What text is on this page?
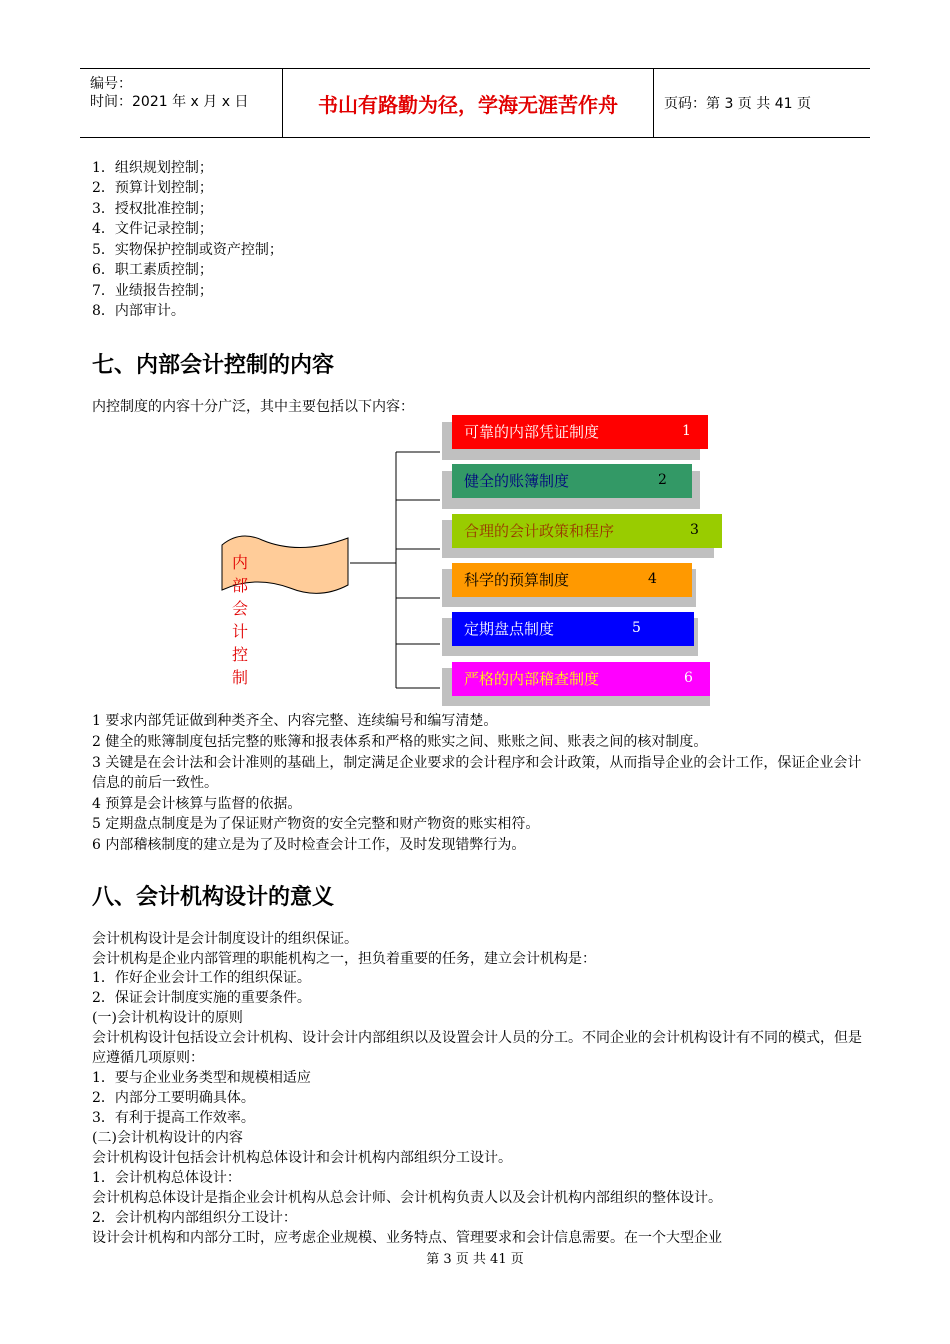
编号：
时间：2021 年 x 月 x 日	书山有路勤为径，学海无涯苦作舟	页码：第 3 页 共 41 页
1．组织规划控制；
2．预算计划控制；
3．授权批准控制；
4．文件记录控制；
5．实物保护控制或资产控制；
6．职工素质控制；
7．业绩报告控制；
8．内部审计。
七、内部会计控制的内容
内控制度的内容十分广泛，其中主要包括以下内容：
内部会计控制
可靠的内部凭证制度	1
健全的账簿制度	2
合理的会计政策和程序	3
科学的预算制度	4
定期盘点制度	5
严格的内部稽查制度	6
1 要求内部凭证做到种类齐全、内容完整、连续编号和编写清楚。
2 健全的账簿制度包括完整的账簿和报表体系和严格的账实之间、账账之间、账表之间的核对制度。
3 关键是在会计法和会计准则的基础上，制定满足企业要求的会计程序和会计政策，从而指导企业的会计工作，保证企业会计信息的前后一致性。
4 预算是会计核算与监督的依据。
5 定期盘点制度是为了保证财产物资的安全完整和财产物资的账实相符。
6 内部稽核制度的建立是为了及时检查会计工作，及时发现错弊行为。
八、会计机构设计的意义
会计机构设计是会计制度设计的组织保证。
会计机构是企业内部管理的职能机构之一，担负着重要的任务，建立会计机构是：
1．作好企业会计工作的组织保证。
2．保证会计制度实施的重要条件。
(一)会计机构设计的原则
会计机构设计包括设立会计机构、设计会计内部组织以及设置会计人员的分工。不同企业的会计机构设计有不同的模式，但是应遵循几项原则：
1．要与企业业务类型和规模相适应
2．内部分工要明确具体。
3．有利于提高工作效率。
(二)会计机构设计的内容
会计机构设计包括会计机构总体设计和会计机构内部组织分工设计。
1．会计机构总体设计：
会计机构总体设计是指企业会计机构从总会计师、会计机构负责人以及会计机构内部组织的整体设计。
2．会计机构内部组织分工设计：
设计会计机构和内部分工时，应考虑企业规模、业务特点、管理要求和会计信息需要。在一个大型企业
第 3 页 共 41 页
